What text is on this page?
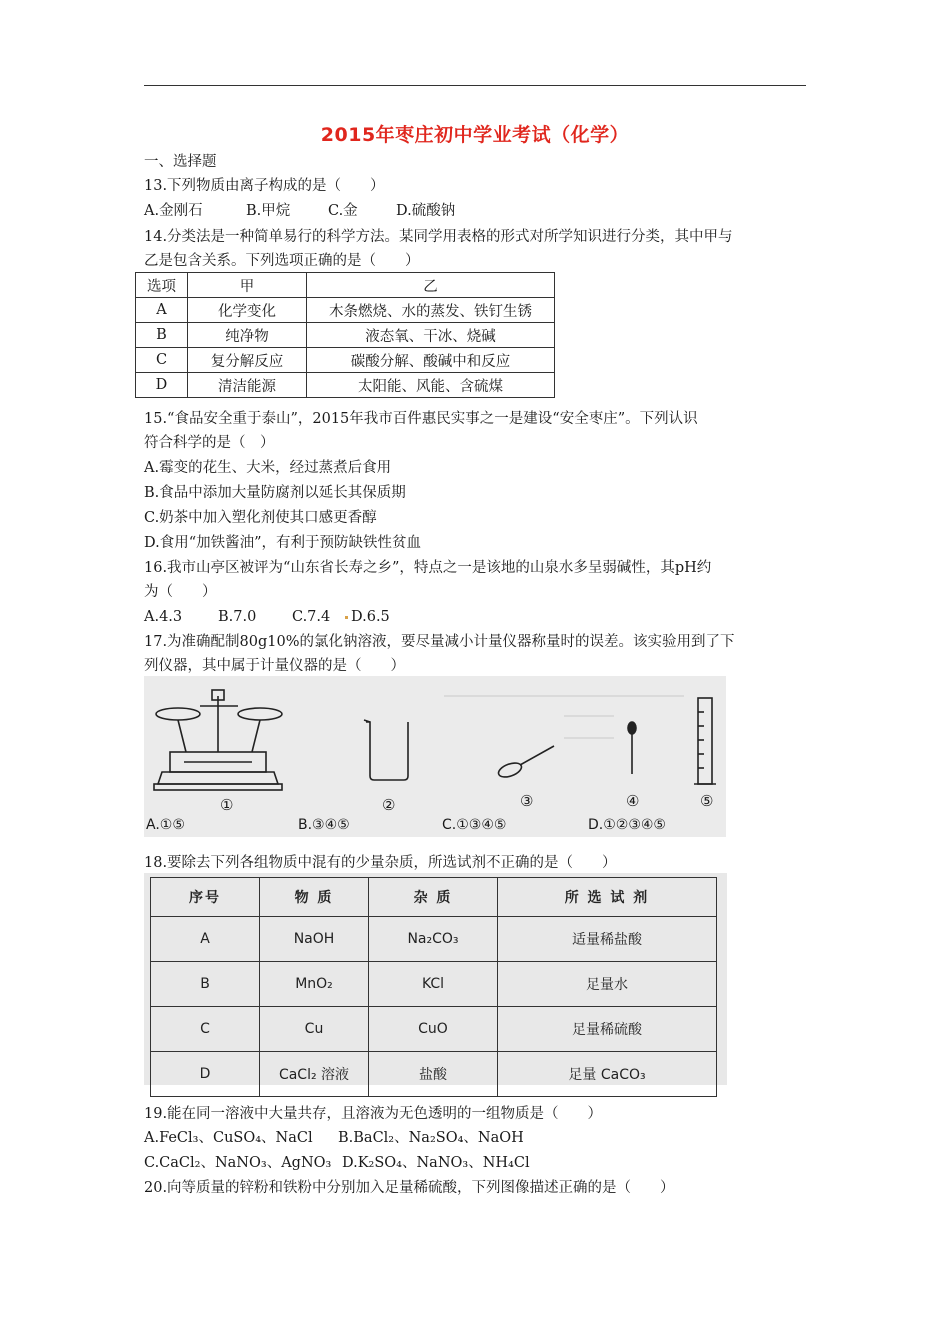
2015年枣庄初中学业考试（化学）
一、选择题
13.下列物质由离子构成的是（　　）
A.金刚石	B.甲烷	C.金	D.硫酸钠
14.分类法是一种简单易行的科学方法。某同学用表格的形式对所学知识进行分类，其中甲与
乙是包含关系。下列选项正确的是（　　）
选项	甲	乙
A	化学变化	木条燃烧、水的蒸发、铁钉生锈
B	纯净物	液态氧、干冰、烧碱
C	复分解反应	碳酸分解、酸碱中和反应
D	清洁能源	太阳能、风能、含硫煤
15.“食品安全重于泰山”，2015年我市百件惠民实事之一是建设“安全枣庄”。下列认识
符合科学的是（　）
A.霉变的花生、大米，经过蒸煮后食用
B.食品中添加大量防腐剂以延长其保质期
C.奶茶中加入塑化剂使其口感更香醇
D.食用“加铁酱油”，有利于预防缺铁性贫血
16.我市山亭区被评为“山东省长寿之乡”，特点之一是该地的山泉水多呈弱碱性，其pH约
为（　　）
A.4.3 B.7.0 C.7.4 D.6.5
17.为准确配制80g10%的氯化钠溶液，要尽量减小计量仪器称量时的误差。该实验用到了下
列仪器，其中属于计量仪器的是（　　）
①	②	③	④	⑤
A.①⑤	B.③④⑤	C.①③④⑤	D.①②③④⑤
18.要除去下列各组物质中混有的少量杂质，所选试剂不正确的是（　　）
序号	物 质	杂 质	所 选 试 剂
A	NaOH	Na₂CO₃	适量稀盐酸
B	MnO₂	KCl	足量水
C	Cu	CuO	足量稀硫酸
D	CaCl₂ 溶液	盐酸	足量 CaCO₃
19.能在同一溶液中大量共存，且溶液为无色透明的一组物质是（　　）
A.FeCl₃、CuSO₄、NaCl B.BaCl₂、Na₂SO₄、NaOH
C.CaCl₂、NaNO₃、AgNO₃ D.K₂SO₄、NaNO₃、NH₄Cl
20.向等质量的锌粉和铁粉中分别加入足量稀硫酸，下列图像描述正确的是（　　）
